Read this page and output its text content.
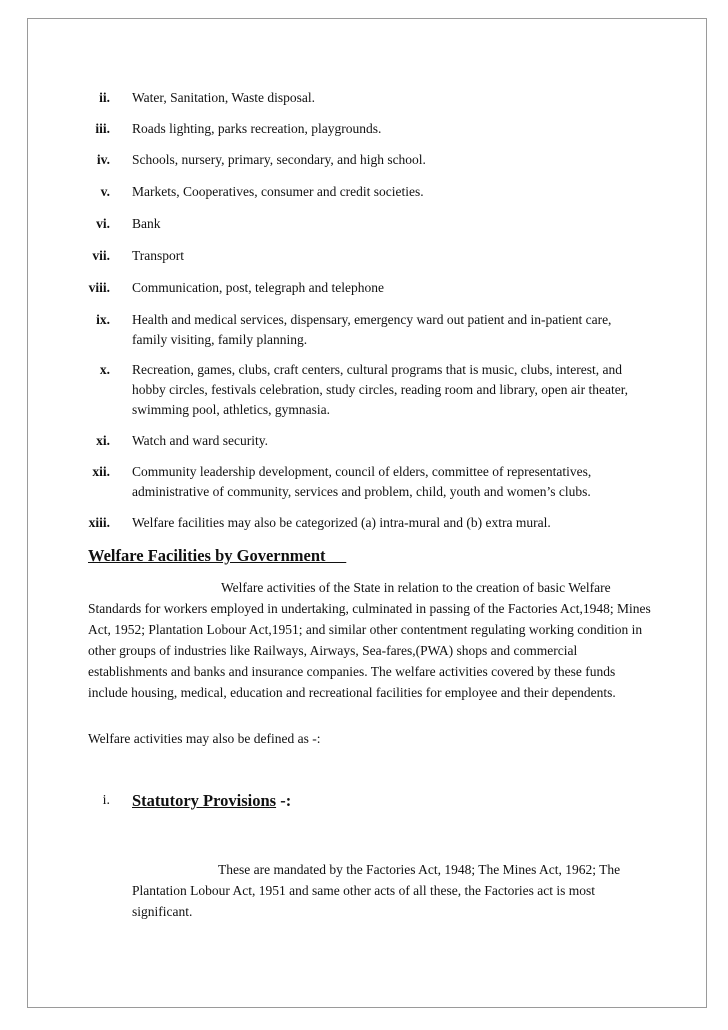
ii. Water, Sanitation, Waste disposal.
iii. Roads lighting, parks recreation, playgrounds.
iv. Schools, nursery, primary, secondary, and high school.
v. Markets, Cooperatives, consumer and credit societies.
vi. Bank
vii. Transport
viii. Communication, post, telegraph and telephone
ix. Health and medical services, dispensary, emergency ward out patient and in-patient care, family visiting, family planning.
x. Recreation, games, clubs, craft centers, cultural programs that is music, clubs, interest, and hobby circles, festivals celebration, study circles, reading room and library, open air theater, swimming pool, athletics, gymnasia.
xi. Watch and ward security.
xii. Community leadership development, council of elders, committee of representatives, administrative of community, services and problem, child, youth and women’s clubs.
xiii. Welfare facilities may also be categorized (a) intra-mural and (b) extra mural.
Welfare Facilities by Government
Welfare activities of the State in relation to the creation of basic Welfare Standards for workers employed in undertaking, culminated in passing of the Factories Act,1948; Mines Act, 1952; Plantation Lobour Act,1951; and similar other contentment regulating working condition in other groups of industries like Railways, Airways, Sea-fares,(PWA) shops and commercial establishments and banks and insurance companies. The welfare activities covered by these funds include housing, medical, education and recreational facilities for employee and their dependents.
Welfare activities may also be defined as -:
i. Statutory Provisions -:
These are mandated by the Factories Act, 1948; The Mines Act, 1962; The Plantation Lobour Act, 1951 and same other acts of all these, the Factories act is most significant.
